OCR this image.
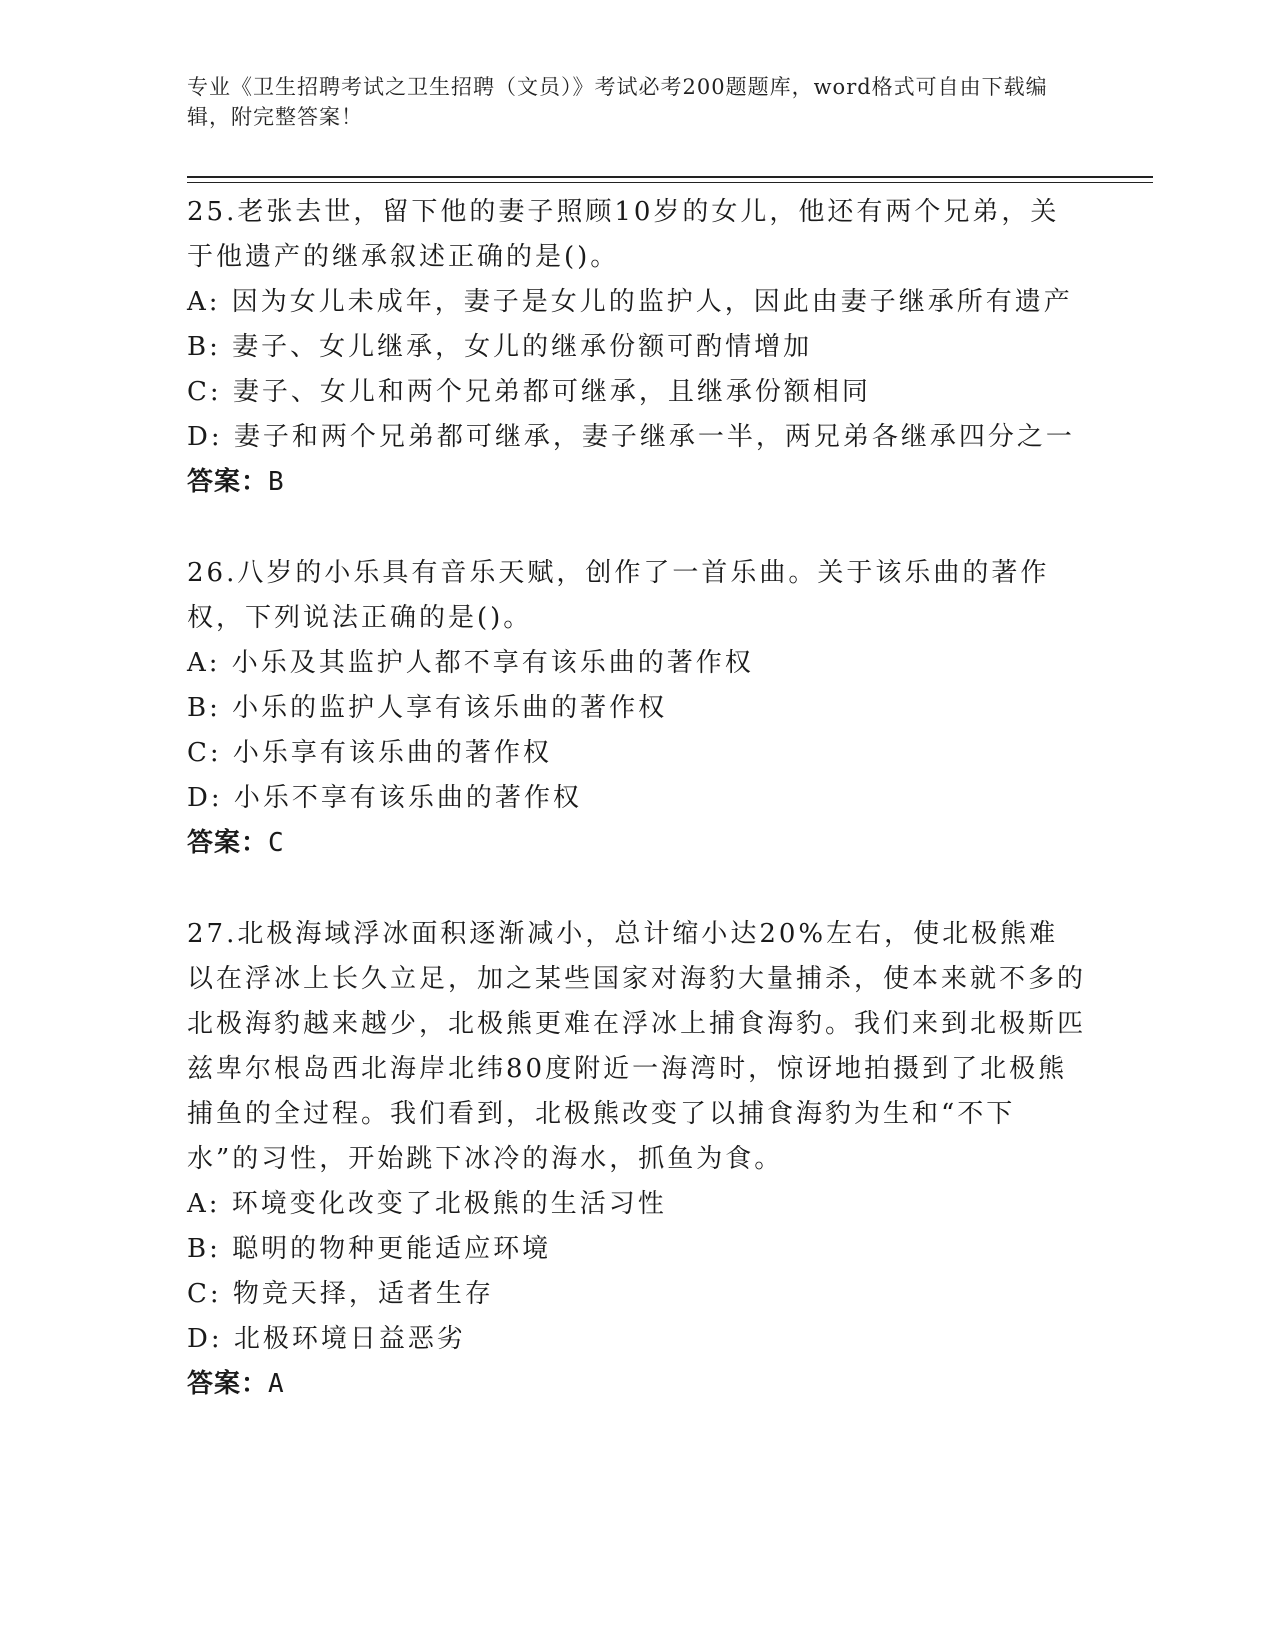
专业《卫生招聘考试之卫生招聘（文员）》考试必考200题题库，word格式可自由下载编辑，附完整答案！

25.老张去世，留下他的妻子照顾10岁的女儿，他还有两个兄弟，关于他遗产的继承叙述正确的是()。

A: 因为女儿未成年，妻子是女儿的监护人，因此由妻子继承所有遗产

B: 妻子、女儿继承，女儿的继承份额可酌情增加

C: 妻子、女儿和两个兄弟都可继承，且继承份额相同

D: 妻子和两个兄弟都可继承，妻子继承一半，两兄弟各继承四分之一

答案：B

26.八岁的小乐具有音乐天赋，创作了一首乐曲。关于该乐曲的著作权，下列说法正确的是()。

A: 小乐及其监护人都不享有该乐曲的著作权

B: 小乐的监护人享有该乐曲的著作权

C: 小乐享有该乐曲的著作权

D: 小乐不享有该乐曲的著作权

答案：C

27.北极海域浮冰面积逐渐减小，总计缩小达20%左右，使北极熊难以在浮冰上长久立足，加之某些国家对海豹大量捕杀，使本来就不多的北极海豹越来越少，北极熊更难在浮冰上捕食海豹。我们来到北极斯匹兹卑尔根岛西北海岸北纬80度附近一海湾时，惊讶地拍摄到了北极熊捕鱼的全过程。我们看到，北极熊改变了以捕食海豹为生和“不下水”的习性，开始跳下冰冷的海水，抓鱼为食。

A: 环境变化改变了北极熊的生活习性

B: 聪明的物种更能适应环境

C: 物竞天择，适者生存

D: 北极环境日益恶劣

答案：A
